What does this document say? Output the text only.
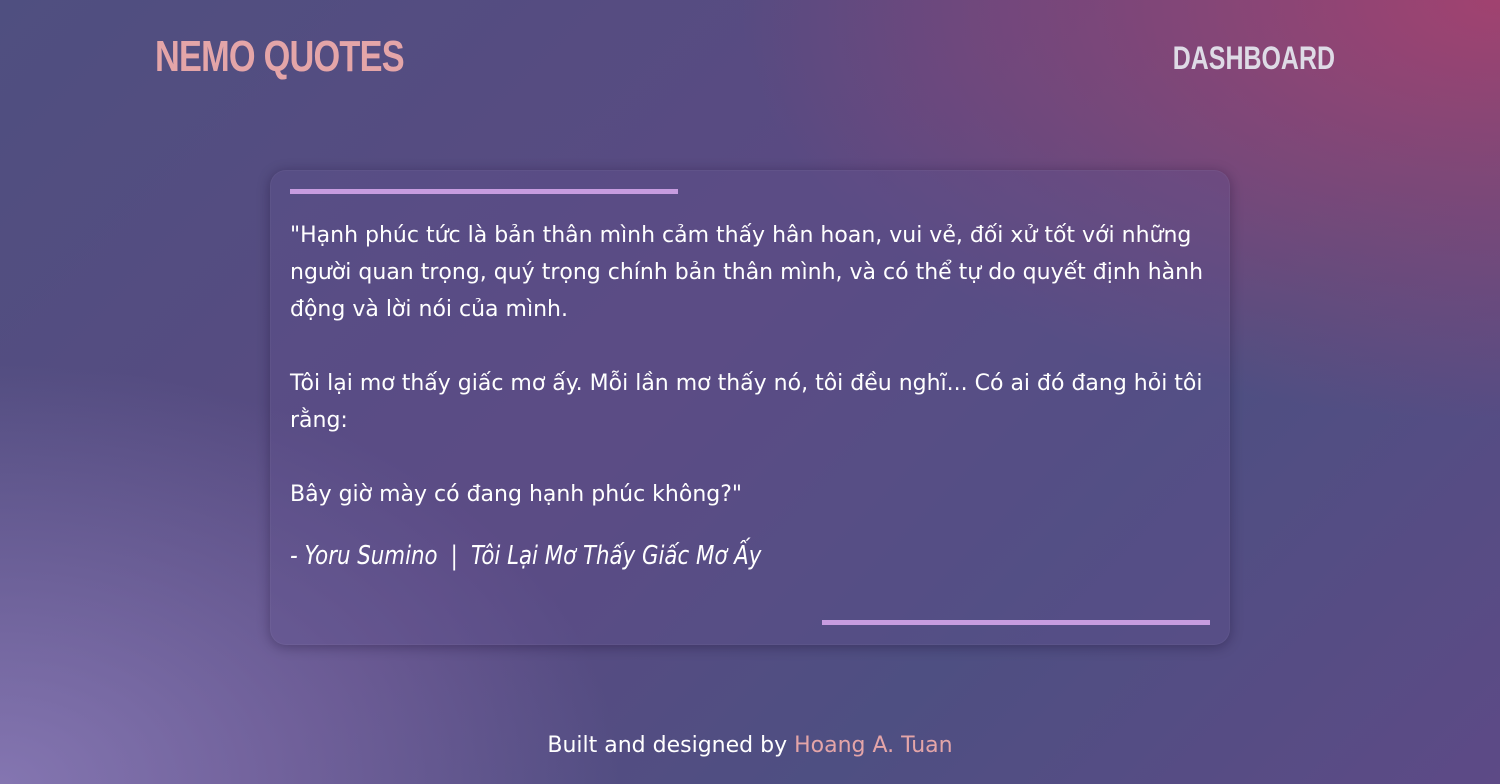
NEMO QUOTES	DASHBOARD

"Hạnh phúc tức là bản thân mình cảm thấy hân hoan, vui vẻ, đối xử tốt với những người quan trọng, quý trọng chính bản thân mình, và có thể tự do quyết định hành động và lời nói của mình.

Tôi lại mơ thấy giấc mơ ấy. Mỗi lần mơ thấy nó, tôi đều nghĩ... Có ai đó đang hỏi tôi rằng:

Bây giờ mày có đang hạnh phúc không?"

- Yoru Sumino | Tôi Lại Mơ Thấy Giấc Mơ Ấy
Built and designed by Hoang A. Tuan
